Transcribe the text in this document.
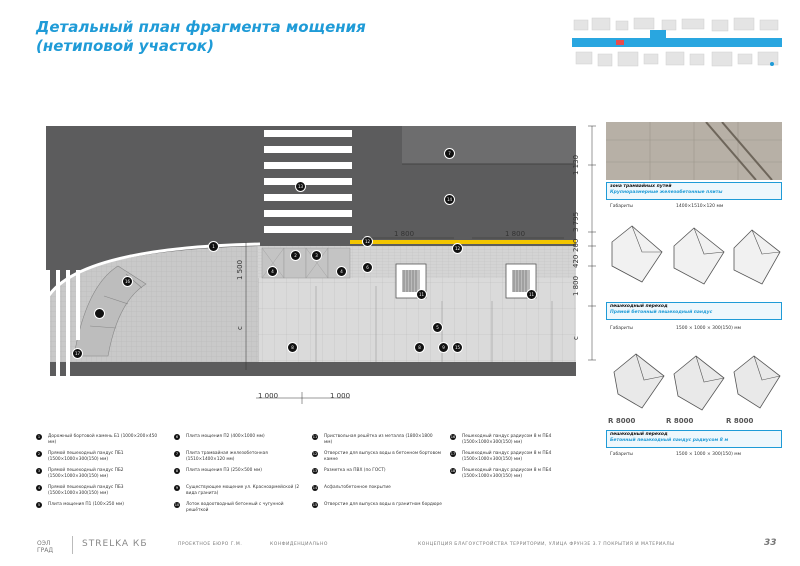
Детальный план фрагмента мощения
(нетиповой участок)
7
13
14
1
12
12
4
2	3
4
6
16
11	11
5
17
8	8	9	15
1 130
3 795
200
420
1 800
с
1 500
с
1 800	1 800
1 000	1 000
зона трамвайных путей
Крупноразмерные железобетонные плиты
Габариты	1400×1510×120 мм
пешеходный переход
Прямой бетонный пешеходный пандус
Габариты	1500 × 1000 × 300(150) мм
R 8000	R 8000	R 8000
пешеходный переход
Бетонный пешеходный пандус радиусом 8 м
Габариты	1500 × 1000 × 300(150) мм
1	Дорожный бортовой камень Б1 (1000×200×450 мм)
2	Прямой пешеходный пандус ПБ1 (1500×1000×300(150) мм)
3	Прямой пешеходный пандус ПБ2 (1500×1000×300(150) мм)
4	Прямой пешеходный пандус ПБ3 (1500×1000×300(150) мм)
5	Плита мощения П1 (100×250 мм)
6	Плита мощения П2 (400×1000 мм)
7	Плита трамвайная железобетонная (1510×1400×120 мм)
8	Плита мощения П3 (250×500 мм)
9	Существующее мощение ул. Красноармейской (2 вида гранита)
10 Лоток водоотводный бетонный с чугунной решёткой
11 Приствольная решётка из металла (1800×1800 мм)
12 Отверстие для выпуска воды в бетонном бортовом камне
13 Разметка на ПВХ (по ГОСТ)
14 Асфальтобетонное покрытие
15 Отверстие для выпуска воды в гранитном бордюре
16 Пешеходный пандус радиусом 8 м ПБ4 (1500×1000×300(150) мм)
17 Пешеходный пандус радиусом 8 м ПБ4 (1500×1000×300(150) мм)
18 Пешеходный пандус радиусом 8 м ПБ4 (1500×1000×300(150) мм)
ОЭЛ
ГРАД
STRELKA КБ	ПРОЕКТНОЕ БЮРО Г.М.	КОНФИДЕНЦИАЛЬНО	КОНЦЕПЦИЯ БЛАГОУСТРОЙСТВА ТЕРРИТОРИИ, УЛИЦА ФРУНЗЕ 3.7 ПОКРЫТИЯ И МАТЕРИАЛЫ	33
